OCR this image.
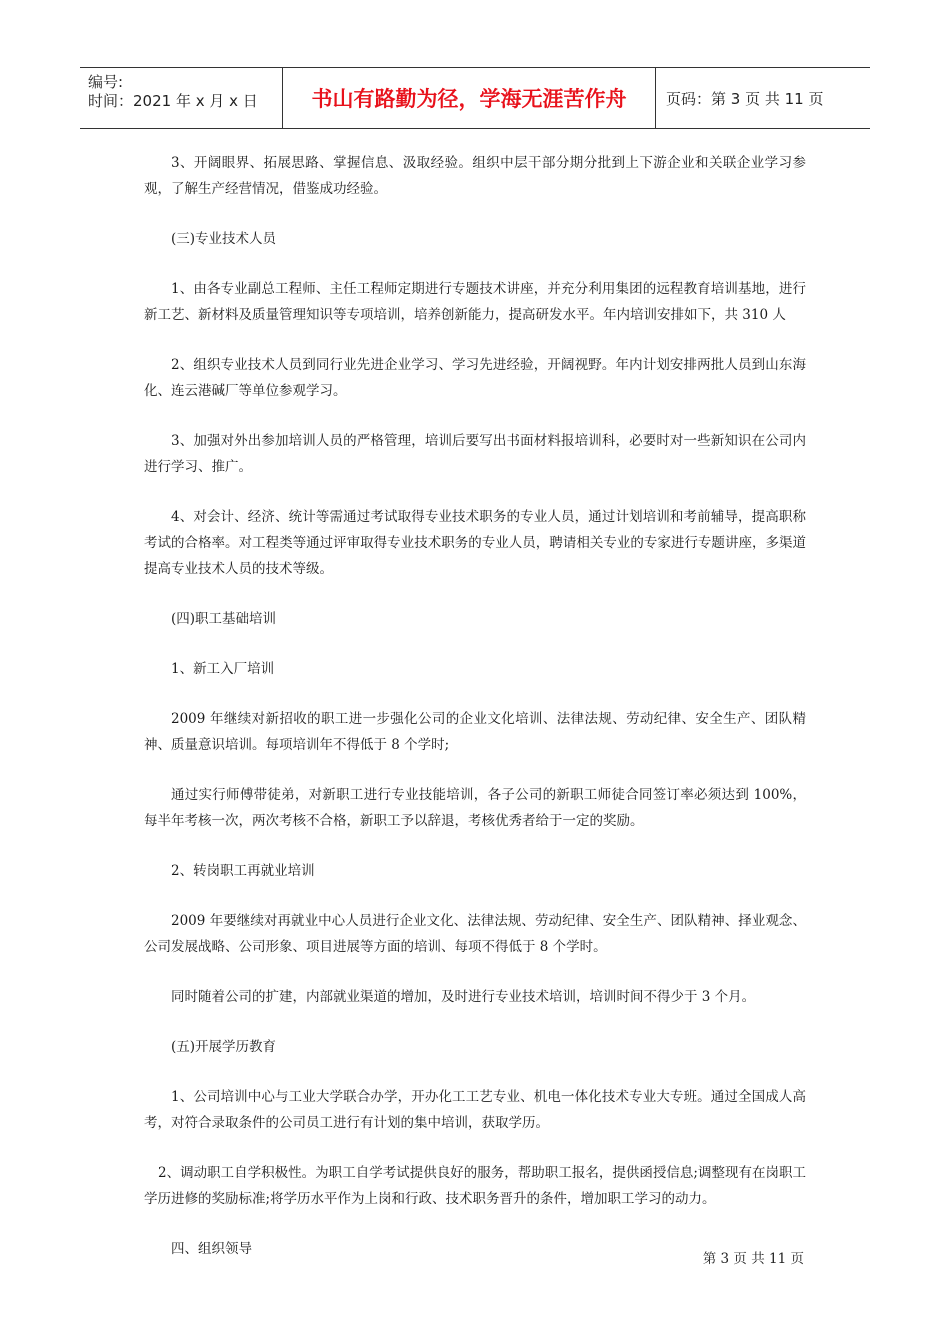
编号:
时间：2021 年 x 月 x 日	书山有路勤为径，学海无涯苦作舟	页码：第 3 页 共 11 页

3、开阔眼界、拓展思路、掌握信息、汲取经验。组织中层干部分期分批到上下游企业和关联企业学习参观，了解生产经营情况，借鉴成功经验。

(三)专业技术人员

1、由各专业副总工程师、主任工程师定期进行专题技术讲座，并充分利用集团的远程教育培训基地，进行新工艺、新材料及质量管理知识等专项培训，培养创新能力，提高研发水平。年内培训安排如下，共 310 人

2、组织专业技术人员到同行业先进企业学习、学习先进经验，开阔视野。年内计划安排两批人员到山东海化、连云港碱厂等单位参观学习。

3、加强对外出参加培训人员的严格管理，培训后要写出书面材料报培训科，必要时对一些新知识在公司内进行学习、推广。

4、对会计、经济、统计等需通过考试取得专业技术职务的专业人员，通过计划培训和考前辅导，提高职称考试的合格率。对工程类等通过评审取得专业技术职务的专业人员，聘请相关专业的专家进行专题讲座，多渠道提高专业技术人员的技术等级。

(四)职工基础培训

1、新工入厂培训

2009 年继续对新招收的职工进一步强化公司的企业文化培训、法律法规、劳动纪律、安全生产、团队精神、质量意识培训。每项培训年不得低于 8 个学时;

通过实行师傅带徒弟，对新职工进行专业技能培训，各子公司的新职工师徒合同签订率必须达到 100%，每半年考核一次，两次考核不合格，新职工予以辞退，考核优秀者给于一定的奖励。

2、转岗职工再就业培训

2009 年要继续对再就业中心人员进行企业文化、法律法规、劳动纪律、安全生产、团队精神、择业观念、公司发展战略、公司形象、项目进展等方面的培训、每项不得低于 8 个学时。

同时随着公司的扩建，内部就业渠道的增加，及时进行专业技术培训，培训时间不得少于 3 个月。

(五)开展学历教育

1、公司培训中心与工业大学联合办学，开办化工工艺专业、机电一体化技术专业大专班。通过全国成人高考，对符合录取条件的公司员工进行有计划的集中培训，获取学历。

2、调动职工自学积极性。为职工自学考试提供良好的服务，帮助职工报名，提供函授信息;调整现有在岗职工学历进修的奖励标准;将学历水平作为上岗和行政、技术职务晋升的条件，增加职工学习的动力。

四、组织领导

第 3 页 共 11 页
